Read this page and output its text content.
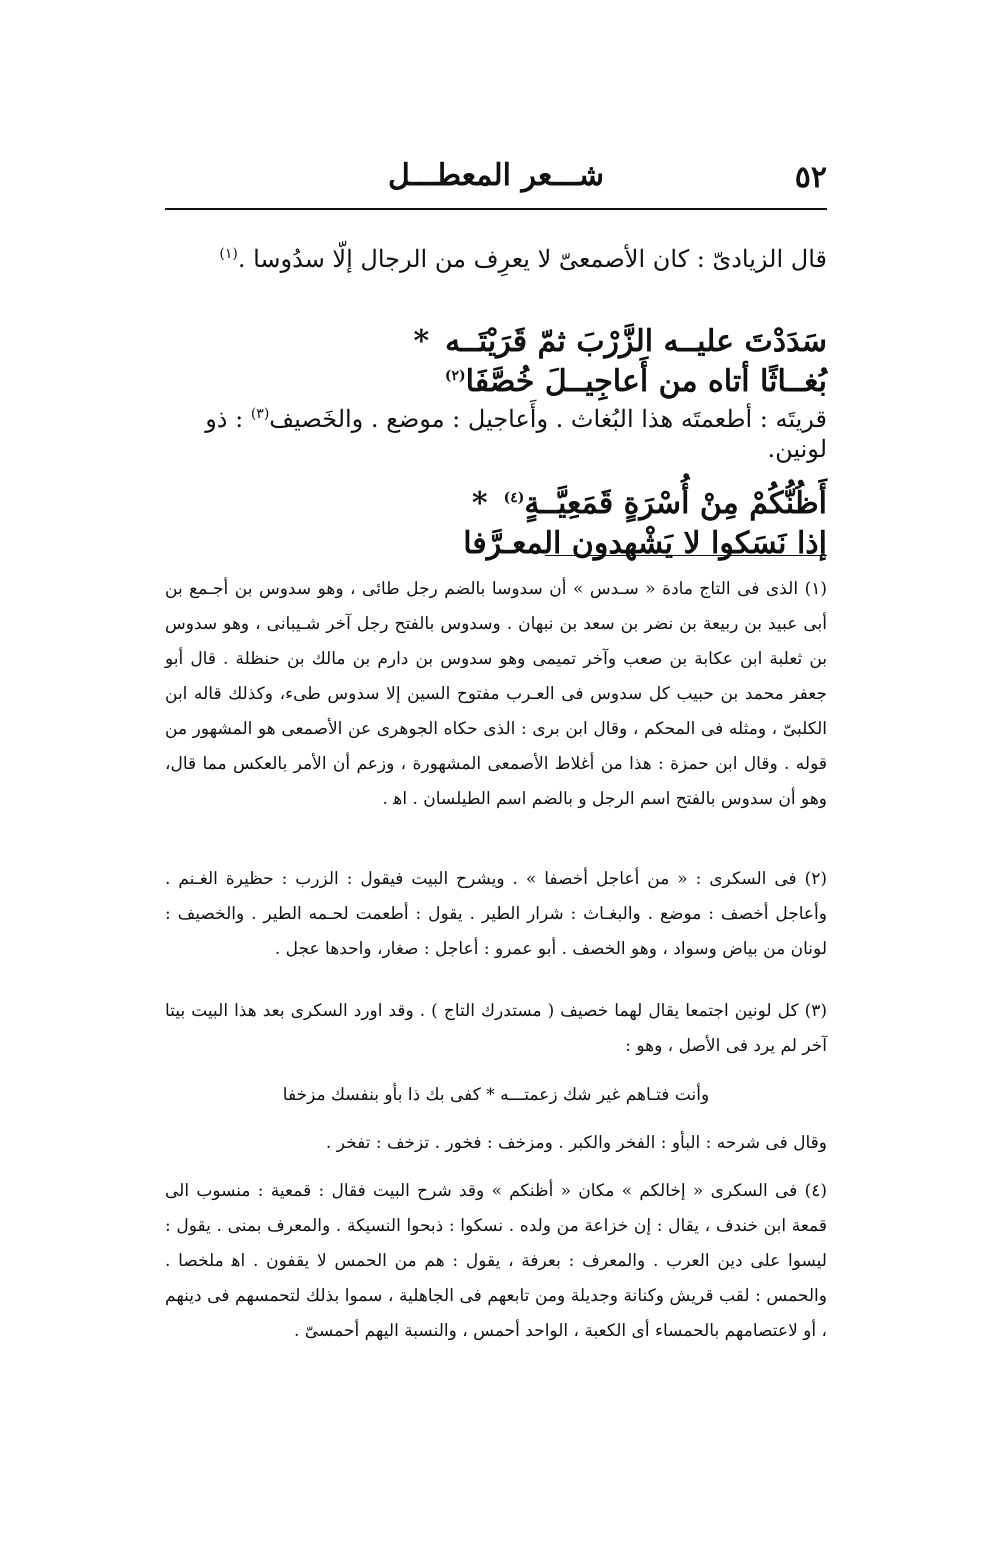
٥٢
شـــعر المعطـــل
قال الزيادىّ : كان الأصمعىّ لا يعرِف من الرجال إلّا سدُوسا .$^{(١)}$
سَدَدْتَ عليــه الزَّرْبَ ثمّ قَرَيْتَــه*بُغــاثًا أتاه من أَعاجِيــلَ خُصَّفَا$^{(٢)}$
قريتَه : أطعمتَه هذا البُغاث . وأَعاجيل : موضع . والخَصيف$^{(٣)}$ : ذو لونين.
أَظُنُّكُمْ مِنْ أُسْرَةٍ قَمَعِيَّــةٍ$^{(٤)}$*إذا نَسَكوا لا يَشْهدون المعـرَّفا
(١) الذى فى التاج مادة « سـدس » أن سدوسا بالضم رجل طائى ، وهو سدوس بن أجـمع بن أبى عبيد بن ربيعة بن نضر بن سعد بن نبهان . وسدوس بالفتح رجل آخر شـيبانى ، وهو سدوس بن ثعلبة ابن عكابة بن صعب وآخر تميمى وهو سدوس بن دارم بن مالك بن حنظلة . قال أبو جعفر محمد بن حبيب كل سدوس فى العـرب مفتوح السين إلا سدوس طىء، وكذلك قاله ابن الكلبىّ ، ومثله فى المحكم ، وقال ابن برى : الذى حكاه الجوهرى عن الأصمعى هو المشهور من قوله . وقال ابن حمزة : هذا من أغلاط الأصمعى المشهورة ، وزعم أن الأمر بالعكس مما قال، وهو أن سدوس بالفتح اسم الرجل و بالضم اسم الطيلسان . اﻫ .
(٢) فى السكرى : « من أعاجل أخصفا » . ويشرح البيت فيقول : الزرب : حظيرة الغـنم . وأعاجل أخصف : موضع . والبغـاث : شرار الطير . يقول : أطعمت لحـمه الطير . والخصيف : لونان من بياض وسواد ، وهو الخصف . أبو عمرو : أعاجل : صغار، واحدها عجل .
(٣) كل لونين اجتمعا يقال لهما خصيف ( مستدرك التاج ) . وقد اورد السكرى بعد هذا البيت بيتا آخر لم يرد فى الأصل ، وهو :
وأنت فتـاهم غير شك زعمتـــه * كفى بك ذا بأو بنفسك مزخفا
وقال فى شرحه : البأو : الفخر والكبر . ومزخف : فخور . تزخف : تفخر .
(٤) فى السكرى « إخالكم » مكان « أظنكم » وقد شرح البيت فقال : قمعية : منسوب الى قمعة ابن خندف ، يقال : إن خزاعة من ولده . نسكوا : ذبحوا النسيكة . والمعرف بمنى . يقول : ليسوا على دين العرب . والمعرف : بعرفة ، يقول : هم من الحمس لا يقفون . اﻫ ملخصا . والحمس : لقب قريش وكنانة وجديلة ومن تابعهم فى الجاهلية ، سموا بذلك لتحمسهم فى دينهم ، أو لاعتصامهم بالحمساء أى الكعبة ، الواحد أحمس ، والنسبة اليهم أحمسىّ .
